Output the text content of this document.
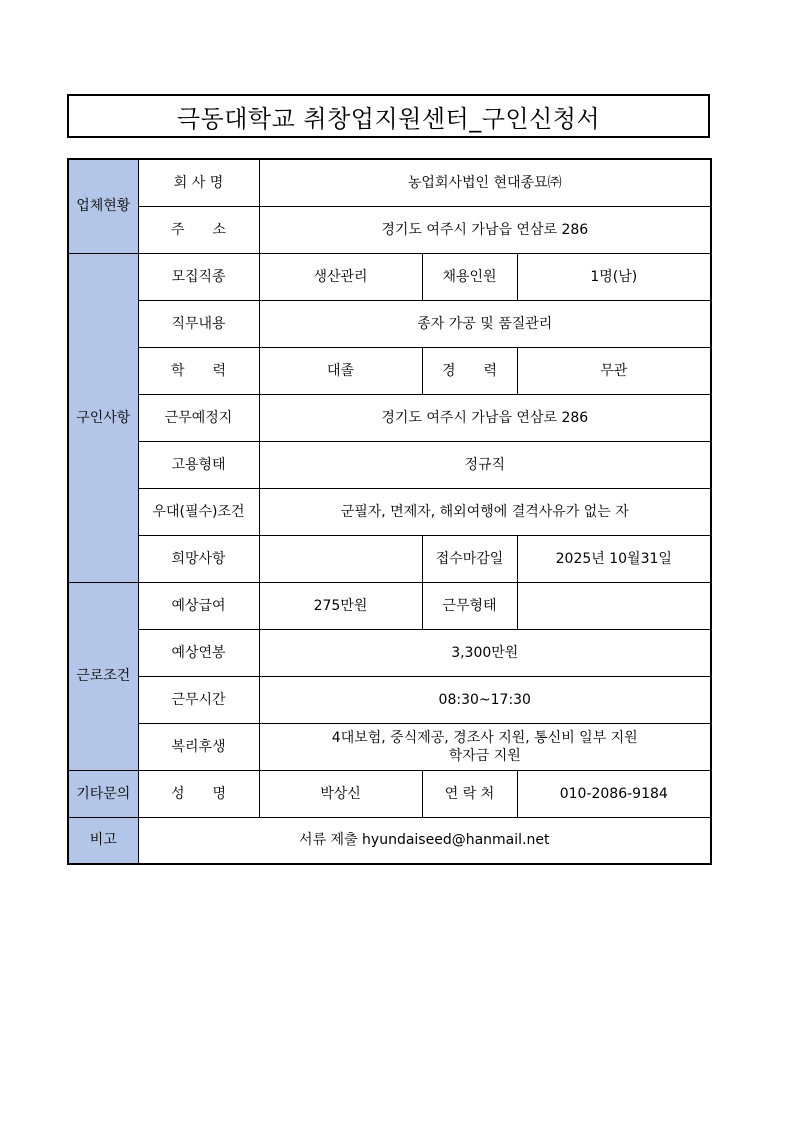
극동대학교 취창업지원센터_구인신청서
업체현황	회 사 명	농업회사법인 현대종묘㈜		
	주　　소	경기도 여주시 가남읍 연삼로 286		
구인사항	모집직종	생산관리	채용인원	1명(남)
	직무내용	종자 가공 및 품질관리		
	학　　력	대졸	경　　력	무관
	근무예정지	경기도 여주시 가남읍 연삼로 286		
	고용형태	정규직		
	우대(필수)조건	군필자, 면제자, 해외여행에 결격사유가 없는 자		
	희망사항		접수마감일	2025년 10월31일
근로조건	예상급여	275만원	근무형태	
	예상연봉	3,300만원		
	근무시간	08:30~17:30		
	복리후생	4대보험, 중식제공, 경조사 지원, 통신비 일부 지원
학자금 지원		

기타문의	성　　명	박상신	연 락 처	010-2086-9184
비고	서류 제출 hyundaiseed@hanmail.net			
